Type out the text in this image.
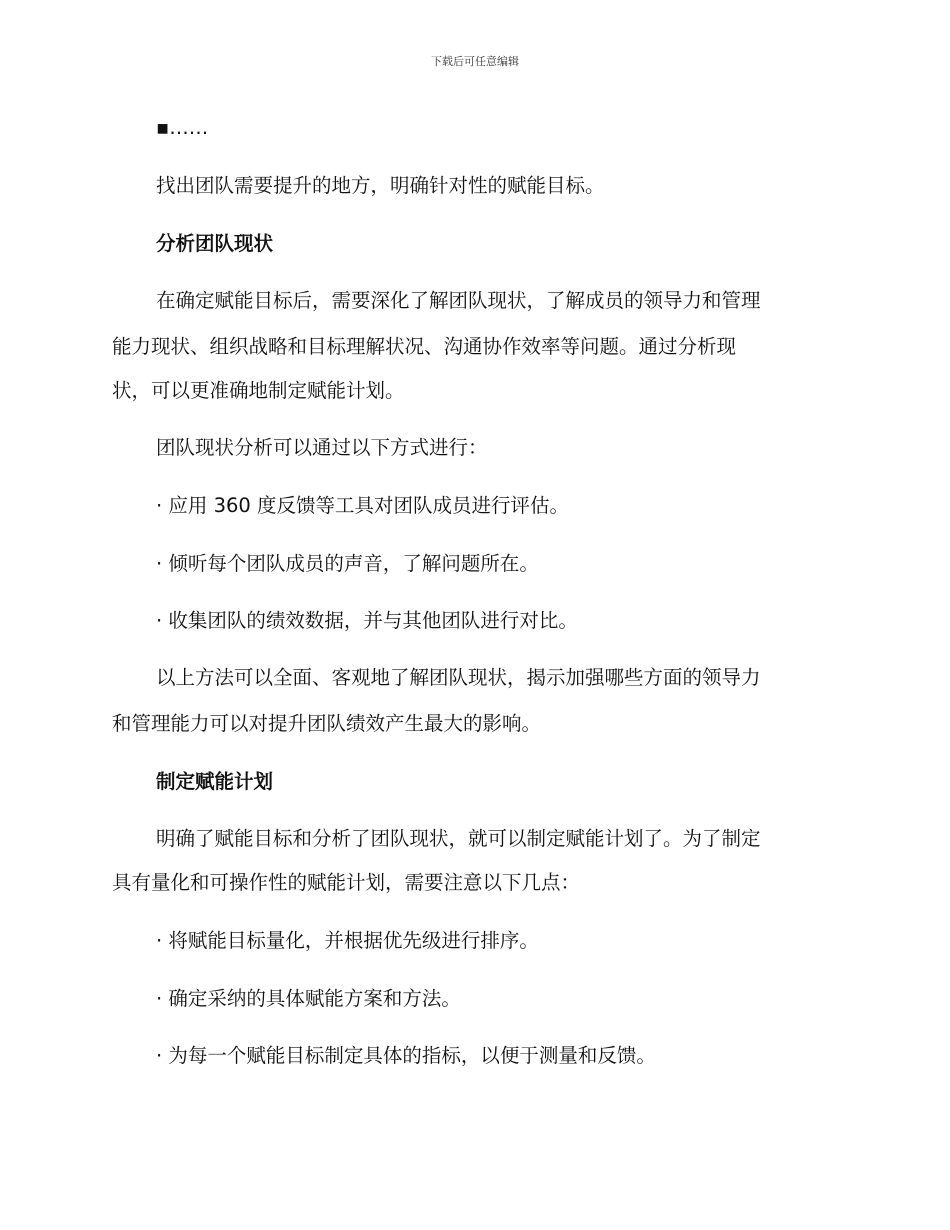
下载后可任意编辑
▪……
找出团队需要提升的地方，明确针对性的赋能目标。
分析团队现状
在确定赋能目标后，需要深化了解团队现状，了解成员的领导力和管理
能力现状、组织战略和目标理解状况、沟通协作效率等问题。通过分析现
状，可以更准确地制定赋能计划。
团队现状分析可以通过以下方式进行：
· 应用 360 度反馈等工具对团队成员进行评估。
· 倾听每个团队成员的声音，了解问题所在。
· 收集团队的绩效数据，并与其他团队进行对比。
以上方法可以全面、客观地了解团队现状，揭示加强哪些方面的领导力
和管理能力可以对提升团队绩效产生最大的影响。
制定赋能计划
明确了赋能目标和分析了团队现状，就可以制定赋能计划了。为了制定
具有量化和可操作性的赋能计划，需要注意以下几点：
· 将赋能目标量化，并根据优先级进行排序。
· 确定采纳的具体赋能方案和方法。
· 为每一个赋能目标制定具体的指标，以便于测量和反馈。
